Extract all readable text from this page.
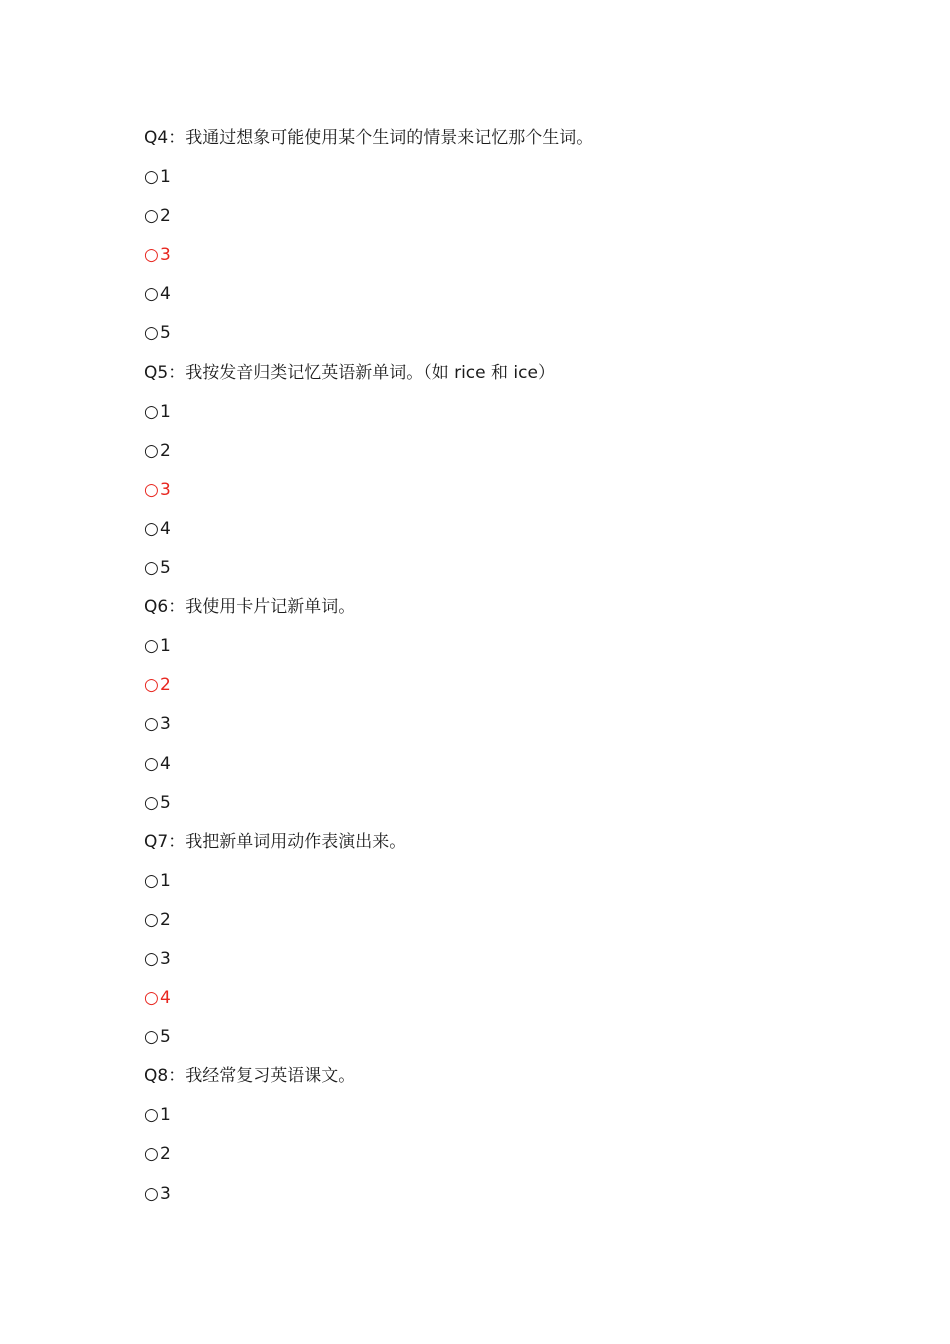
Q4：我通过想象可能使用某个生词的情景来记忆那个生词。
○1
○2
○3
○4
○5
Q5：我按发音归类记忆英语新单词。（如 rice 和 ice）
○1
○2
○3
○4
○5
Q6：我使用卡片记新单词。
○1
○2
○3
○4
○5
Q7：我把新单词用动作表演出来。
○1
○2
○3
○4
○5
Q8：我经常复习英语课文。
○1
○2
○3
